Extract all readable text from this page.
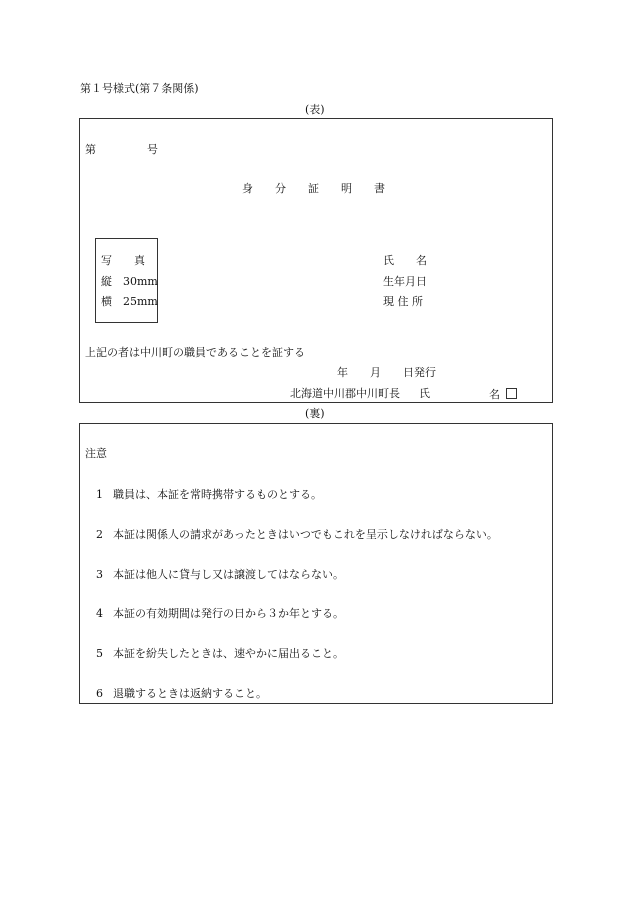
第１号様式(第７条関係)
(表)
第	号
身分証明書
写　　真
縦　30mm
横　25mm
氏　　名
生年月日
現 住 所
上記の者は中川町の職員であることを証する
年　　月　　日発行
北海道中川郡中川町長 氏	名
(裏)
注意
1 職員は、本証を常時携帯するものとする。
2 本証は関係人の請求があったときはいつでもこれを呈示しなければならない。
3 本証は他人に貸与し又は譲渡してはならない。
4 本証の有効期間は発行の日から３か年とする。
5 本証を紛失したときは、速やかに届出ること。
6 退職するときは返納すること。
